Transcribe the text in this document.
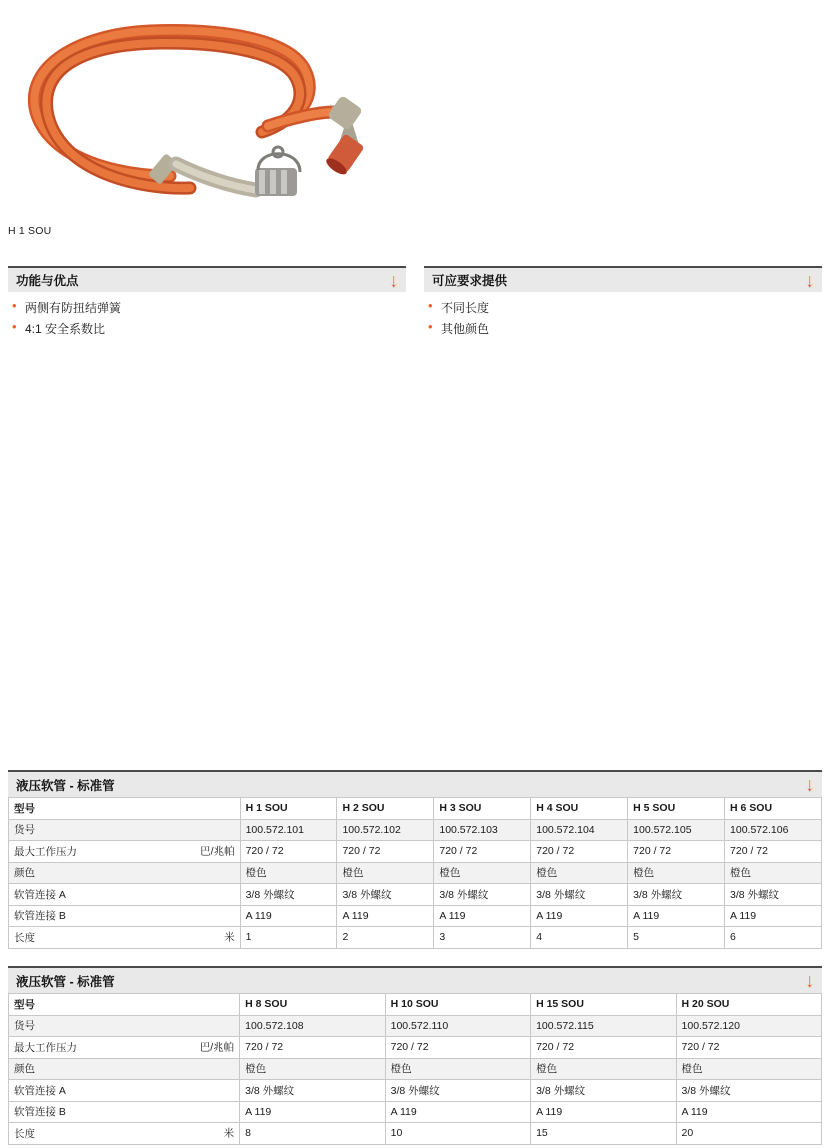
H 1 SOU
功能与优点	↓
• 两侧有防扭结弹簧
• 4:1 安全系数比
可应要求提供	↓
• 不同长度
• 其他颜色
液压软管 - 标准管	↓
型号	H 1 SOU	H 2 SOU	H 3 SOU	H 4 SOU	H 5 SOU	H 6 SOU
货号	100.572.101	100.572.102	100.572.103	100.572.104	100.572.105	100.572.106
最大工作压力 巴/兆帕	720 / 72	720 / 72	720 / 72	720 / 72	720 / 72	720 / 72
颜色	橙色	橙色	橙色	橙色	橙色	橙色
软管连接 A	3/8 外螺纹	3/8 外螺纹	3/8 外螺纹	3/8 外螺纹	3/8 外螺纹	3/8 外螺纹
软管连接 B	A 119	A 119	A 119	A 119	A 119	A 119
长度 米	1	2	3	4	5	6
液压软管 - 标准管	↓
型号	H 8 SOU	H 10 SOU	H 15 SOU	H 20 SOU
货号	100.572.108	100.572.110	100.572.115	100.572.120
最大工作压力 巴/兆帕	720 / 72	720 / 72	720 / 72	720 / 72
颜色	橙色	橙色	橙色	橙色
软管连接 A	3/8 外螺纹	3/8 外螺纹	3/8 外螺纹	3/8 外螺纹
软管连接 B	A 119	A 119	A 119	A 119
长度 米	8	10	15	20
